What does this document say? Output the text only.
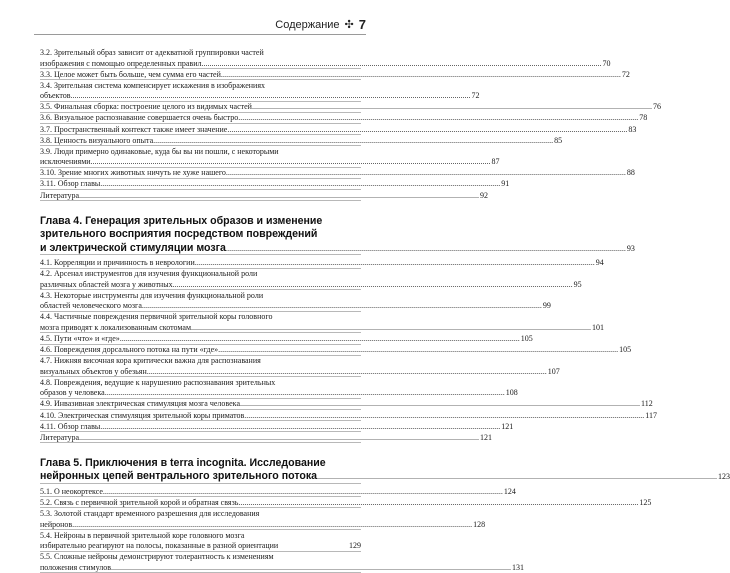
Содержание ✣ 7
3.2. Зрительный образ зависит от адекватной группировки частей
изображения с помощью определенных правил .....	70
3.3. Целое может быть больше, чем сумма его частей .....	72
3.4. Зрительная система компенсирует искажения в изображениях
объектов .....	72
3.5. Финальная сборка: построение целого из видимых частей .....	76
3.6. Визуальное распознавание совершается очень быстро .....	78
3.7. Пространственный контекст также имеет значение .....	83
3.8. Ценность визуального опыта .....	85
3.9. Люди примерно одинаковые, куда бы вы ни пошли, с некоторыми
исключениями .....	87
3.10. Зрение многих животных ничуть не хуже нашего .....	88
3.11. Обзор главы .....	91
Литература .....	92
Глава 4. Генерация зрительных образов и изменение
зрительного восприятия посредством повреждений
и электрической стимуляции мозга .....	93
4.1. Корреляции и причинность в неврологии .....	94
4.2. Арсенал инструментов для изучения функциональной роли
различных областей мозга у животных .....	95
4.3. Некоторые инструменты для изучения функциональной роли
областей человеческого мозга .....	99
4.4. Частичные повреждения первичной зрительной коры головного
мозга приводят к локализованным скотомам .....	101
4.5. Пути «что» и «где» .....	105
4.6. Повреждения дорсального потока на пути «где» .....	105
4.7. Нижняя височная кора критически важна для распознавания
визуальных объектов у обезьян .....	107
4.8. Повреждения, ведущие к нарушению распознавания зрительных
образов у человека .....	108
4.9. Инвазивная электрическая стимуляция мозга человека .....	112
4.10. Электрическая стимуляция зрительной коры приматов .....	117
4.11. Обзор главы .....	121
Литература .....	121
Глава 5. Приключения в terra incognita. Исследование
нейронных цепей вентрального зрительного потока .....	123
5.1. О неокортексе .....	124
5.2. Связь с первичной зрительной корой и обратная связь .....	125
5.3. Золотой стандарт временного разрешения для исследования
нейронов .....	128
5.4. Нейроны в первичной зрительной коре головного мозга
избирательно реагируют на полосы, показанные в разной ориентации	129
5.5. Сложные нейроны демонстрируют толерантность к изменениям
положения стимулов .....	131
